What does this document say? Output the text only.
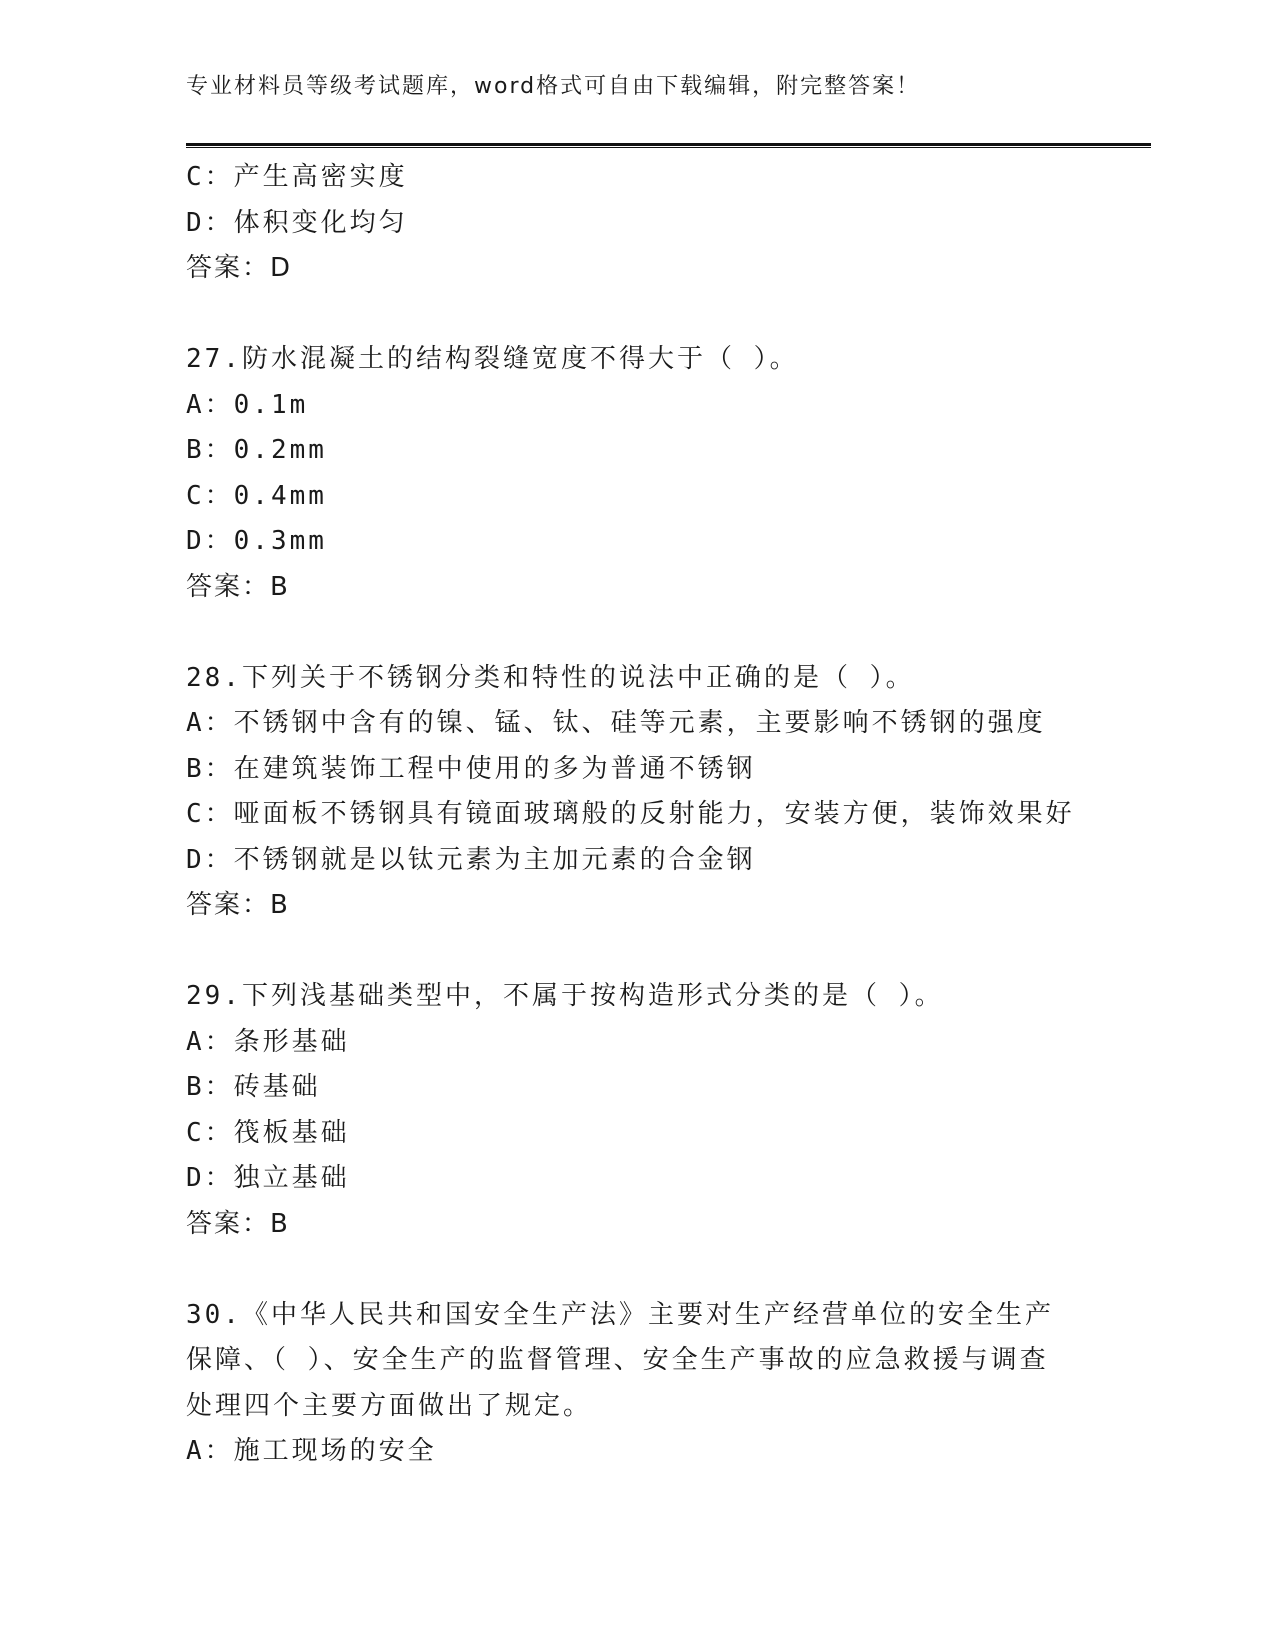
专业材料员等级考试题库，word格式可自由下载编辑，附完整答案！
C：产生高密实度
D：体积变化均匀
答案：D
27.防水混凝土的结构裂缝宽度不得大于（ ）。
A：0.1m
B：0.2mm
C：0.4mm
D：0.3mm
答案：B
28.下列关于不锈钢分类和特性的说法中正确的是（ ）。
A：不锈钢中含有的镍、锰、钛、硅等元素，主要影响不锈钢的强度
B：在建筑装饰工程中使用的多为普通不锈钢
C：哑面板不锈钢具有镜面玻璃般的反射能力，安装方便，装饰效果好
D：不锈钢就是以钛元素为主加元素的合金钢
答案：B
29.下列浅基础类型中，不属于按构造形式分类的是（ ）。
A：条形基础
B：砖基础
C：筏板基础
D：独立基础
答案：B
30.《中华人民共和国安全生产法》主要对生产经营单位的安全生产保障、（ ）、安全生产的监督管理、安全生产事故的应急救援与调查处理四个主要方面做出了规定。
A：施工现场的安全
